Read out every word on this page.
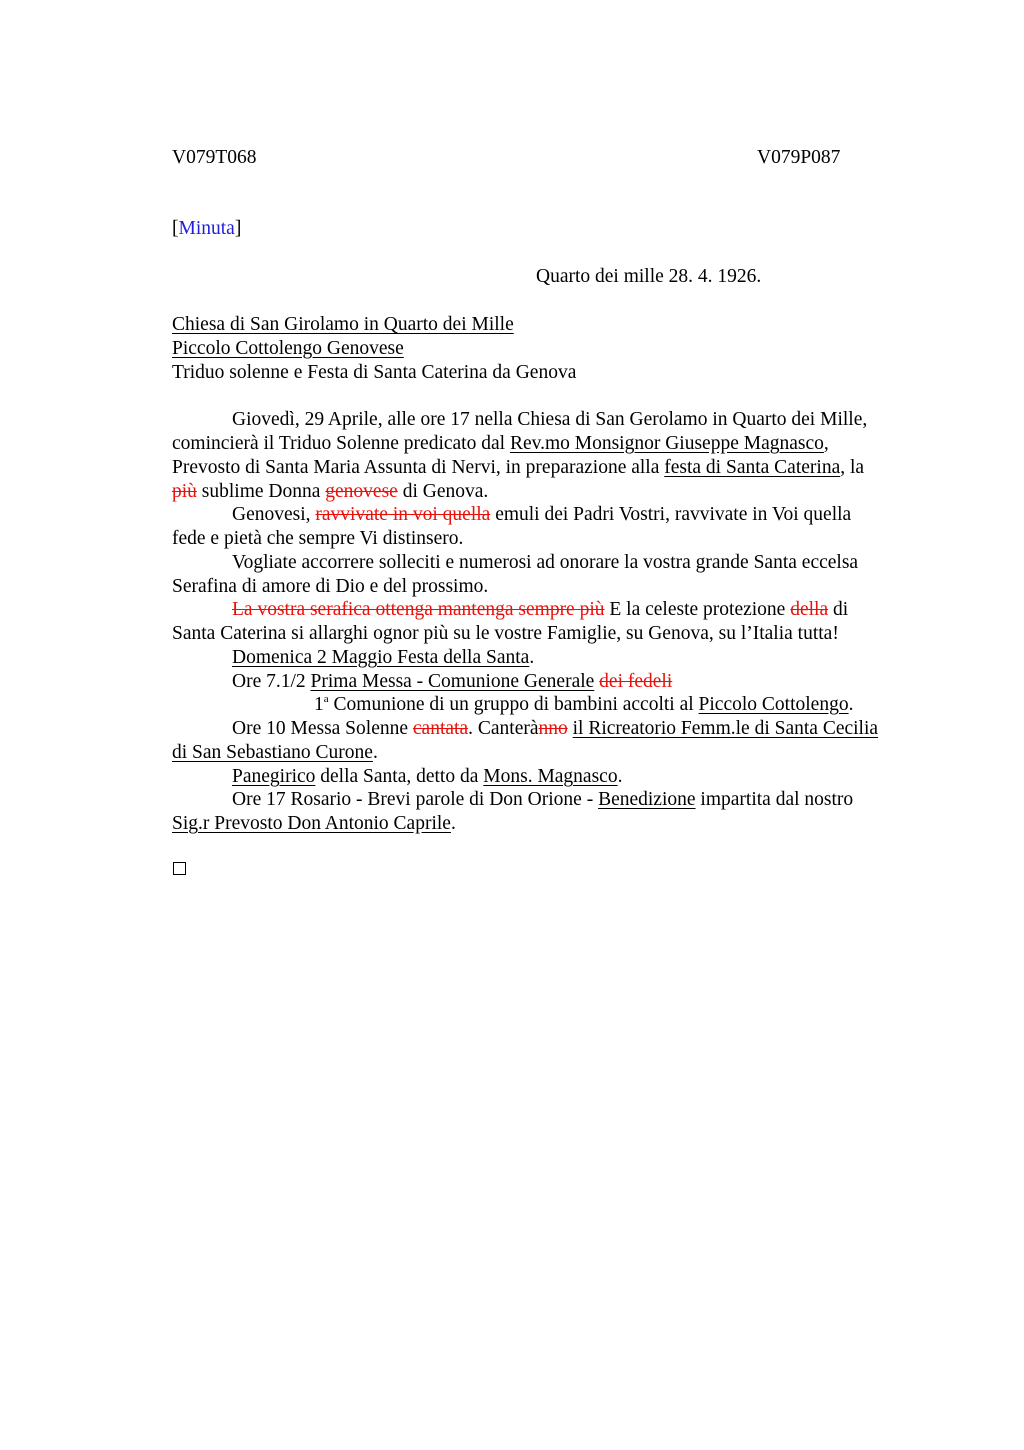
V079T068	V079P087
[Minuta]
Quarto dei mille 28. 4. 1926.
Chiesa di San Girolamo in Quarto dei Mille
Piccolo Cottolengo Genovese
Triduo solenne e Festa di Santa Caterina da Genova
Giovedì, 29 Aprile, alle ore 17 nella Chiesa di San Gerolamo in Quarto dei Mille,
comincierà il Triduo Solenne predicato dal Rev.mo Monsignor Giuseppe Magnasco,
Prevosto di Santa Maria Assunta di Nervi, in preparazione alla festa di Santa Caterina, la
più sublime Donna genovese di Genova.
Genovesi, ravvivate in voi quella emuli dei Padri Vostri, ravvivate in Voi quella
fede e pietà che sempre Vi distinsero.
Vogliate accorrere solleciti e numerosi ad onorare la vostra grande Santa eccelsa
Serafina di amore di Dio e del prossimo.
La vostra serafica ottenga mantenga sempre più E la celeste protezione della di
Santa Caterina si allarghi ognor più su le vostre Famiglie, su Genova, su l’Italia tutta!
Domenica 2 Maggio Festa della Santa.
Ore 7.1/2 Prima Messa - Comunione Generale dei fedeli
1$^a$ Comunione di un gruppo di bambini accolti al Piccolo Cottolengo.
Ore 10 Messa Solenne cantata. Canterànno il Ricreatorio Femm.le di Santa Cecilia
di San Sebastiano Curone.
Panegirico della Santa, detto da Mons. Magnasco.
Ore 17 Rosario - Brevi parole di Don Orione - Benedizione impartita dal nostro
Sig.r Prevosto Don Antonio Caprile.
